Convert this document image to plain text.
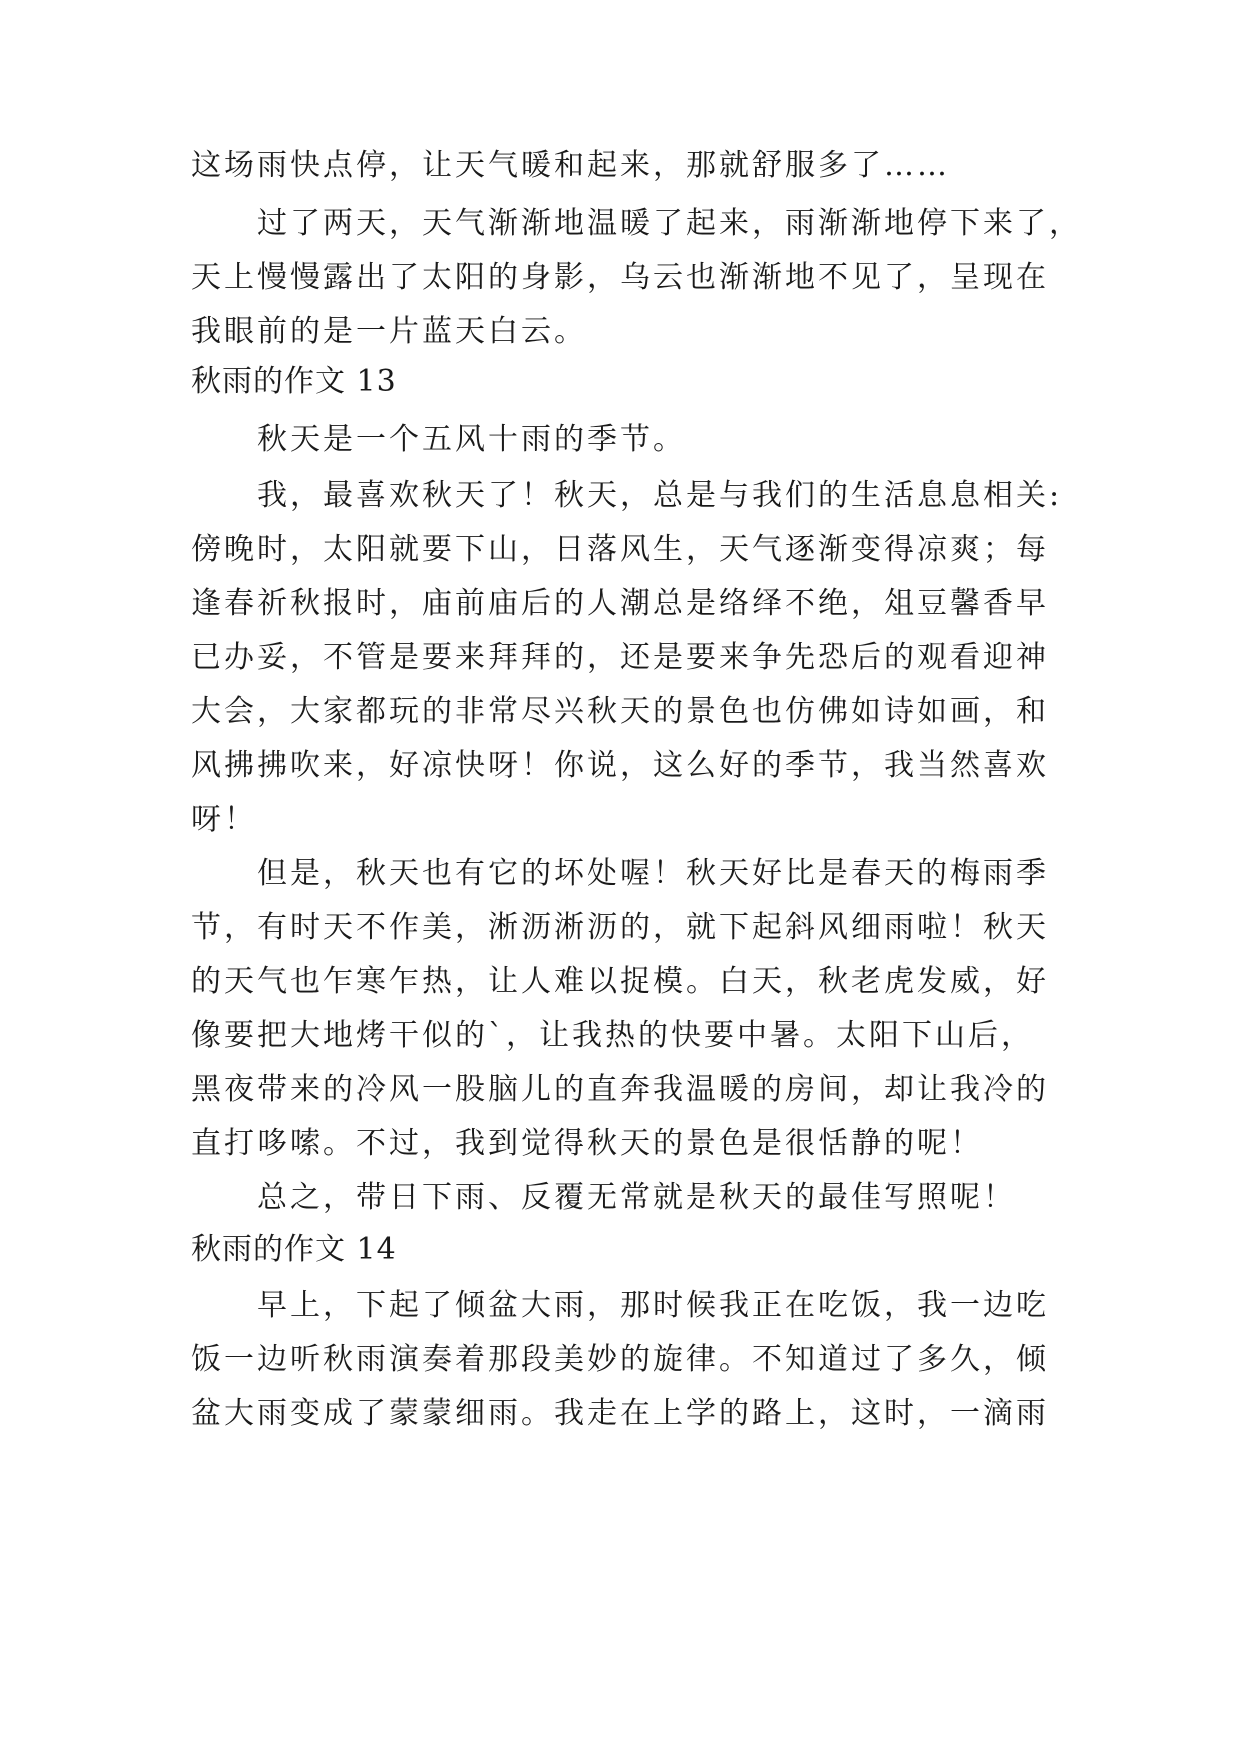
这场雨快点停，让天气暖和起来，那就舒服多了……
过了两天，天气渐渐地温暖了起来，雨渐渐地停下来了，
天上慢慢露出了太阳的身影，乌云也渐渐地不见了，呈现在
我眼前的是一片蓝天白云。
秋雨的作文 13
秋天是一个五风十雨的季节。
我，最喜欢秋天了！秋天，总是与我们的生活息息相关:
傍晚时，太阳就要下山，日落风生，天气逐渐变得凉爽；每
逢春祈秋报时，庙前庙后的人潮总是络绎不绝，俎豆馨香早
已办妥，不管是要来拜拜的，还是要来争先恐后的观看迎神
大会，大家都玩的非常尽兴秋天的景色也仿佛如诗如画，和
风拂拂吹来，好凉快呀！你说，这么好的季节，我当然喜欢
呀！
但是，秋天也有它的坏处喔！秋天好比是春天的梅雨季
节，有时天不作美，淅沥淅沥的，就下起斜风细雨啦！秋天
的天气也乍寒乍热，让人难以捉模。白天，秋老虎发威，好
像要把大地烤干似的`，让我热的快要中暑。太阳下山后，
黑夜带来的冷风一股脑儿的直奔我温暖的房间，却让我冷的
直打哆嗦。不过，我到觉得秋天的景色是很恬静的呢！
总之，带日下雨、反覆无常就是秋天的最佳写照呢！
秋雨的作文 14
早上，下起了倾盆大雨，那时候我正在吃饭，我一边吃
饭一边听秋雨演奏着那段美妙的旋律。不知道过了多久，倾
盆大雨变成了蒙蒙细雨。我走在上学的路上，这时，一滴雨
